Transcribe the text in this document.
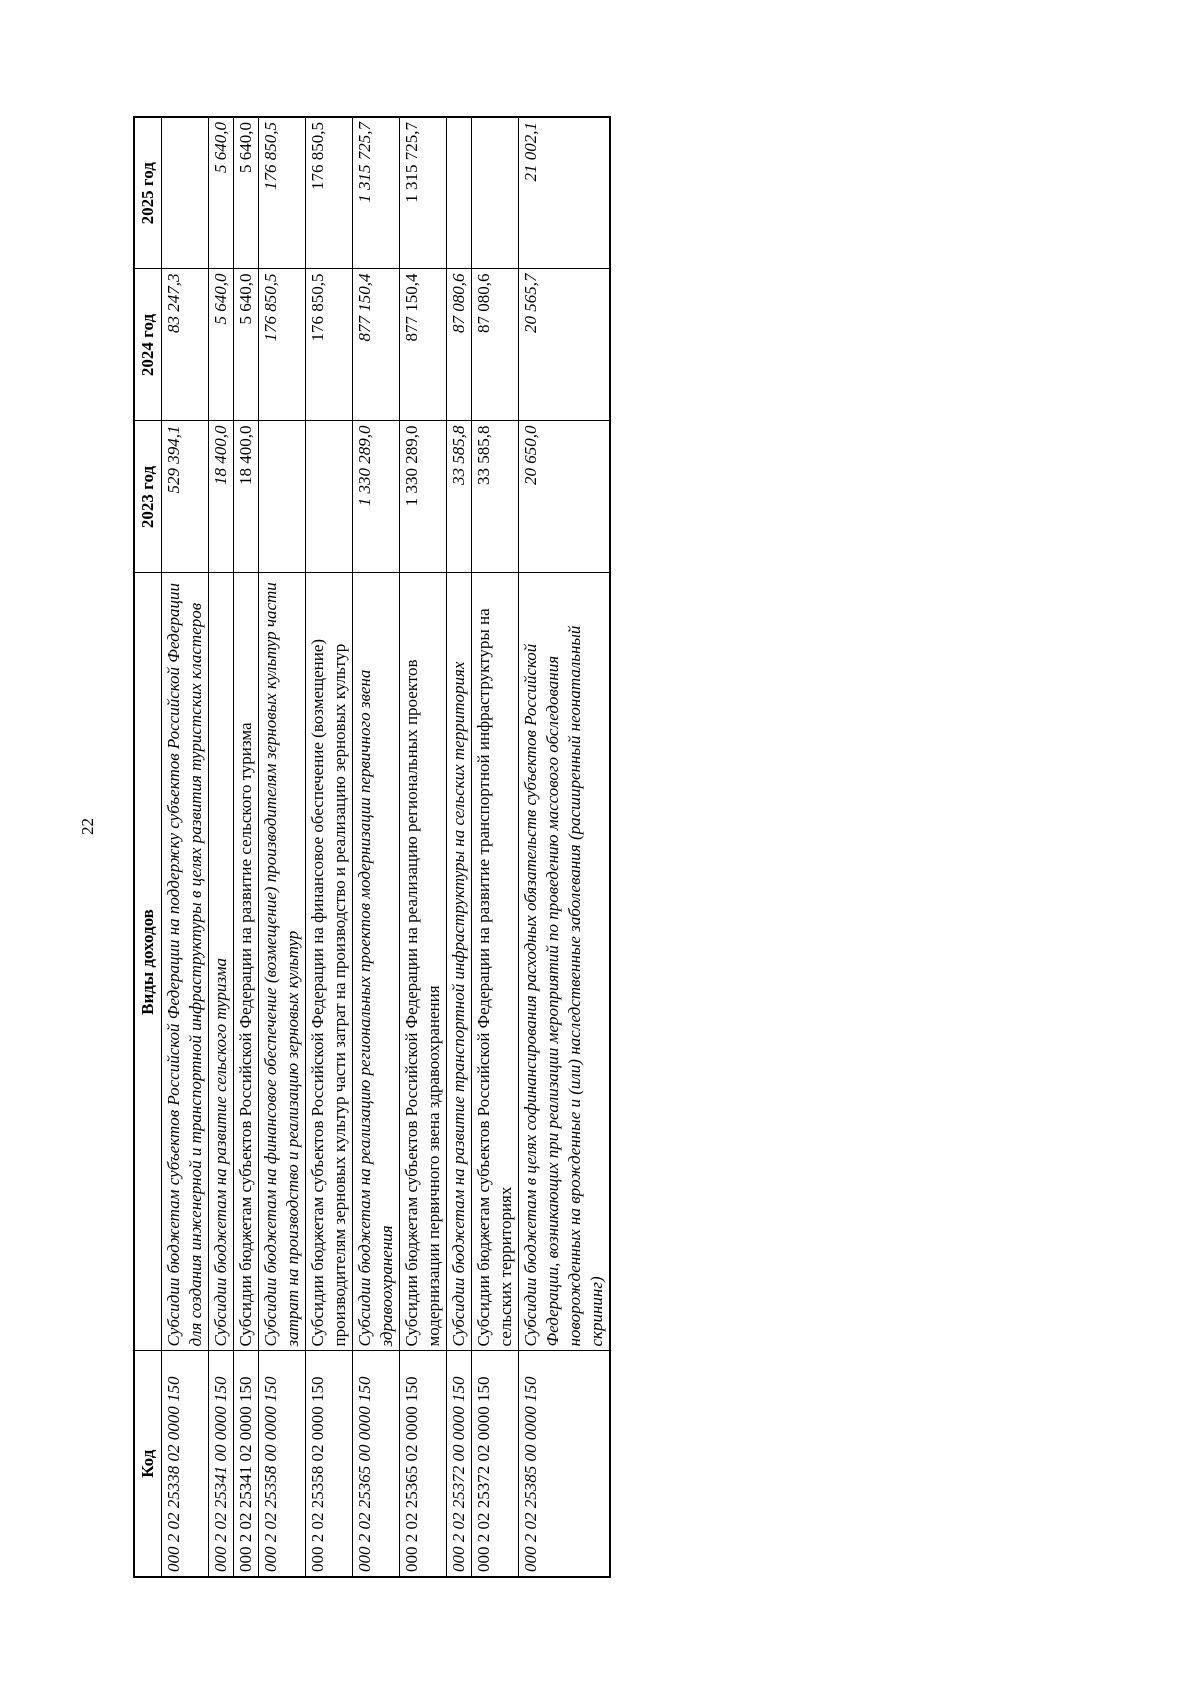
22
Код	Виды доходов	2023 год	2024 год	2025 год
000 2 02 25338 02 0000 150	Субсидии бюджетам субъектов Российской Федерации на поддержку субъектов Российской Федерации для создания инженерной и транспортной инфраструктуры в целях развития туристских кластеров	529 394,1	83 247,3	
000 2 02 25341 00 0000 150	Субсидии бюджетам на развитие сельского туризма	18 400,0	5 640,0	5 640,0
000 2 02 25341 02 0000 150	Субсидии бюджетам субъектов Российской Федерации на развитие сельского туризма	18 400,0	5 640,0	5 640,0
000 2 02 25358 00 0000 150	Субсидии бюджетам на финансовое обеспечение (возмещение) производителям зерновых культур части затрат на производство и реализацию зерновых культур		176 850,5	176 850,5
000 2 02 25358 02 0000 150	Субсидии бюджетам субъектов Российской Федерации на финансовое обеспечение (возмещение) производителям зерновых культур части затрат на производство и реализацию зерновых культур		176 850,5	176 850,5
000 2 02 25365 00 0000 150	Субсидии бюджетам на реализацию региональных проектов модернизации первичного звена здравоохранения	1 330 289,0	877 150,4	1 315 725,7
000 2 02 25365 02 0000 150	Субсидии бюджетам субъектов Российской Федерации на реализацию региональных проектов модернизации первичного звена здравоохранения	1 330 289,0	877 150,4	1 315 725,7
000 2 02 25372 00 0000 150	Субсидии бюджетам на развитие транспортной инфраструктуры на сельских территориях	33 585,8	87 080,6	
000 2 02 25372 02 0000 150	Субсидии бюджетам субъектов Российской Федерации на развитие транспортной инфраструктуры на сельских территориях	33 585,8	87 080,6	
000 2 02 25385 00 0000 150	Субсидии бюджетам в целях софинансирования расходных обязательств субъектов Российской Федерации, возникающих при реализации мероприятий по проведению массового обследования новорожденных на врожденные и (или) наследственные заболевания (расширенный неонатальный скрининг)	20 650,0	20 565,7	21 002,1
